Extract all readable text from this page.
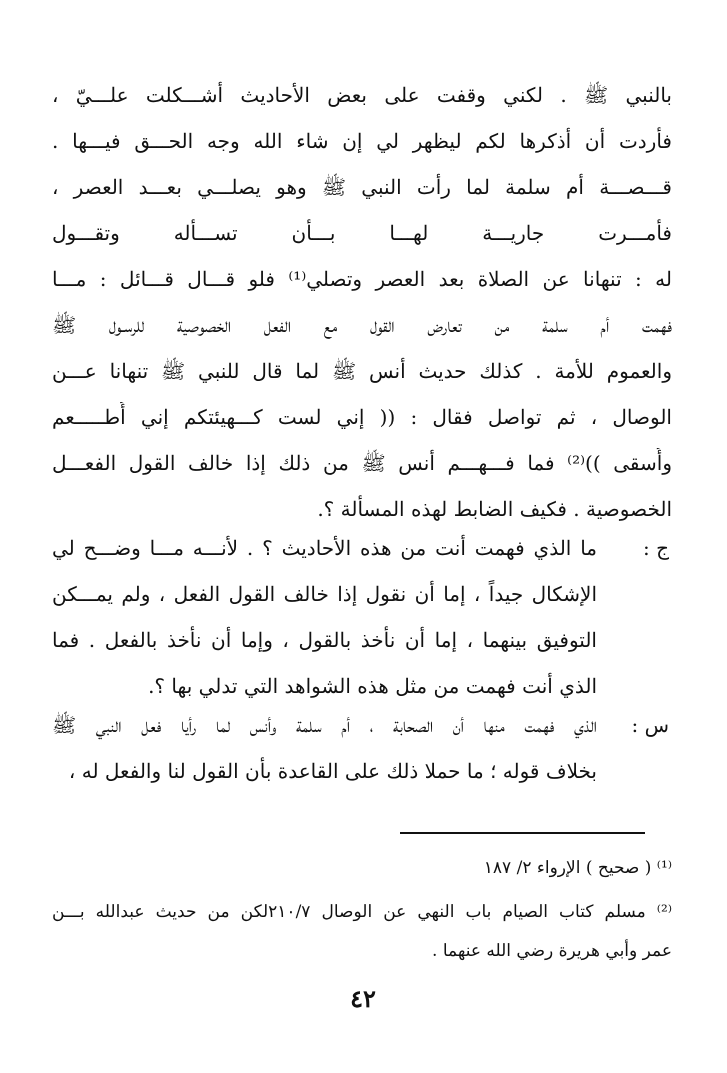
بالنبي ﷺ . لكني وقفت على بعض الأحاديث أشـــكلت علـــيّ ،
فأردت أن أذكرها لكم ليظهر لي إن شاء الله وجه الحـــق فيـــها .
قـــصـــة أم سلمة لما رأت النبي ﷺ وهو يصلـــي بعـــد العصر ،
فأمـــرت جاريـــة لهـــا بـــأن تســـأله وتقـــول
له : تنهانا عن الصلاة بعد العصر وتصلي⁽¹⁾ فلو قـــال قـــائل : مـــا
فهمت أم سلمة من تعارض القول مع الفعل الخصوصية للرسـول ﷺ
والعموم للأمة . كذلك حديث أنس ﷺ لما قال للنبي ﷺ تنهانا عـــن
الوصال ، ثم تواصل فقال : (( إني لست كـــهيئتكم إني أُطـــــعم
وأُسقى ))⁽²⁾ فما فـــهـــم أنس ﷺ من ذلك إذا خالف القول الفعـــل
الخصوصية . فكيف الضابط لهذه المسألة ؟.
ج :
ما الذي فهمت أنت من هذه الأحاديث ؟ . لأنـــه مـــا وضـــح لي
الإشكال جيداً ، إما أن نقول إذا خالف القول الفعل ، ولم يمـــكن
التوفيق بينهما ، إما أن نأخذ بالقول ، وإما أن نأخذ بالفعل . فما
الذي أنت فهمت من مثل هذه الشواهد التي تدلي بها ؟.
س :
الذي فهمت منها أن الصحابة ، أم سلمة وأنس لما رأيا فعل النبي ﷺ
بخلاف قوله ؛ ما حملا ذلك على القاعدة بأن القول لنا والفعل له ،
⁽¹⁾ ( صحيح ) الإرواء ٢/ ١٨٧
⁽²⁾ مسلم كتاب الصيام باب النهي عن الوصال ٢١٠/٧لكن من حديث عبدالله بـــن
عمر وأبي هريرة رضي الله عنهما .
٤٢
